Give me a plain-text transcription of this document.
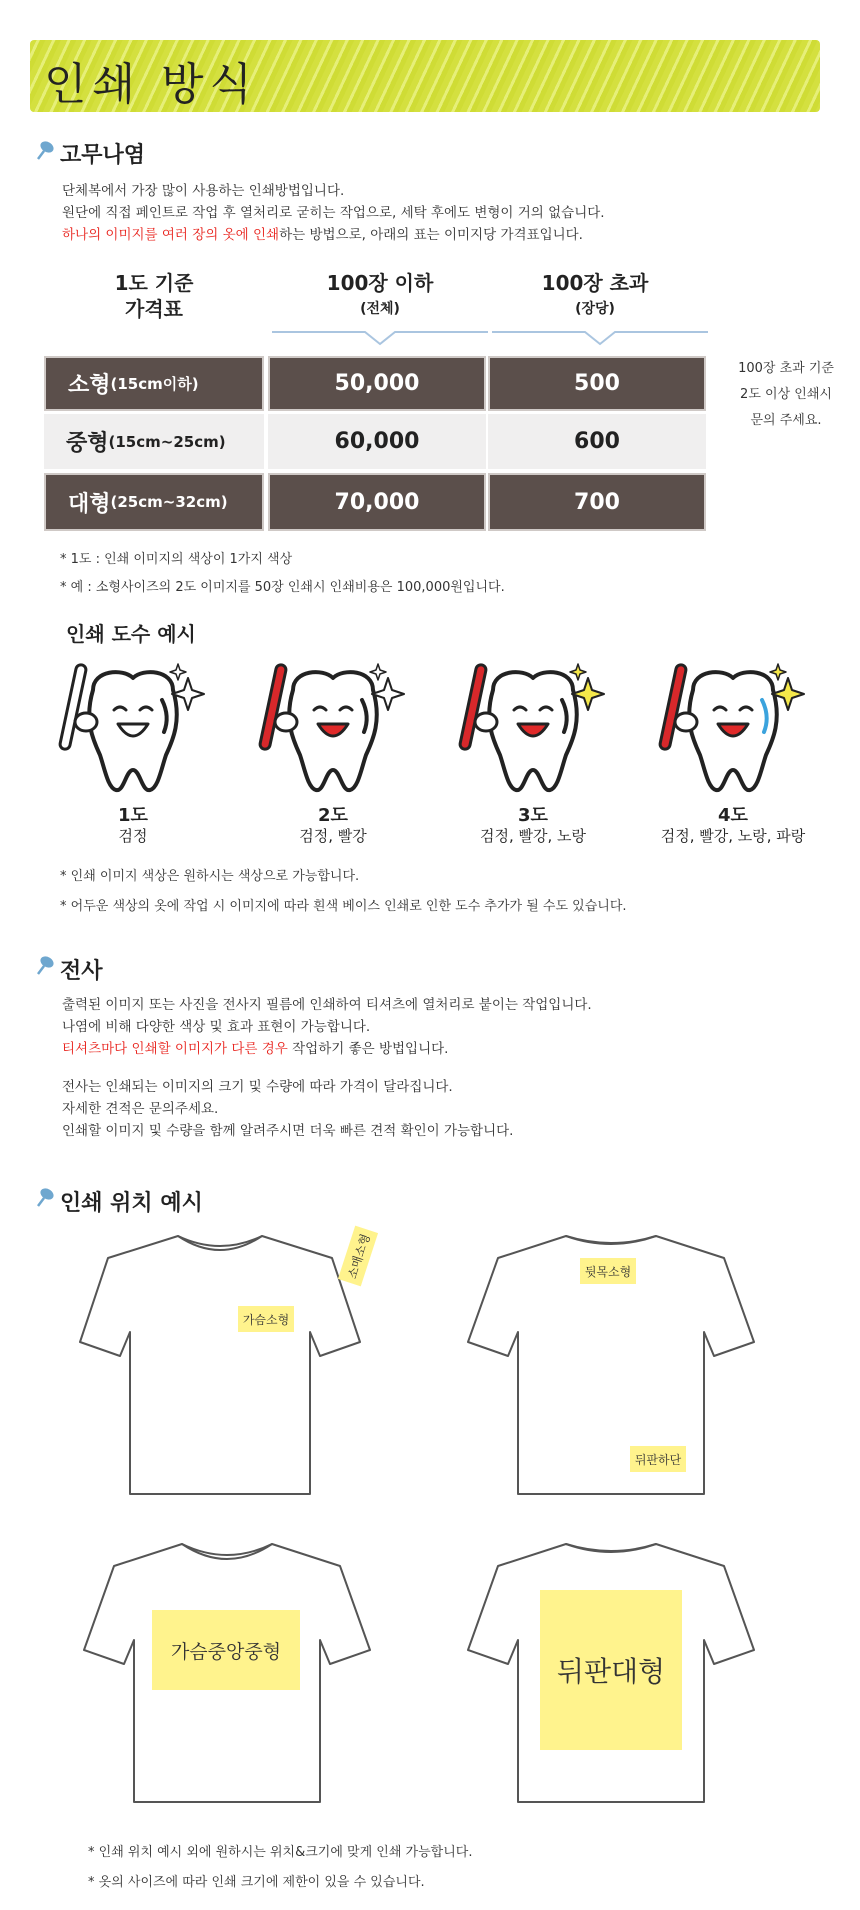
인쇄 방식
고무나염
단체복에서 가장 많이 사용하는 인쇄방법입니다.
원단에 직접 페인트로 작업 후 열처리로 굳히는 작업으로, 세탁 후에도 변형이 거의 없습니다.
하나의 이미지를 여러 장의 옷에 인쇄하는 방법으로, 아래의 표는 이미지당 가격표입니다.
1도 기준
가격표
100장 이하
(전체)
100장 초과
(장당)
소형 (15cm이하)	50,000	500
중형 (15cm~25cm)	60,000	600
대형 (25cm~32cm)	70,000	700
100장 초과 기준
2도 이상 인쇄시
문의 주세요.
* 1도 : 인쇄 이미지의 색상이 1가지 색상
* 예 : 소형사이즈의 2도 이미지를 50장 인쇄시 인쇄비용은 100,000원입니다.
인쇄 도수 예시
1도
검정
2도
검정, 빨강
3도
검정, 빨강, 노랑
4도
검정, 빨강, 노랑, 파랑
* 인쇄 이미지 색상은 원하시는 색상으로 가능합니다.
* 어두운 색상의 옷에 작업 시 이미지에 따라 흰색 베이스 인쇄로 인한 도수 추가가 될 수도 있습니다.
전사
출력된 이미지 또는 사진을 전사지 필름에 인쇄하여 티셔츠에 열처리로 붙이는 작업입니다.
나염에 비해 다양한 색상 및 효과 표현이 가능합니다.
티셔츠마다 인쇄할 이미지가 다른 경우 작업하기 좋은 방법입니다.
전사는 인쇄되는 이미지의 크기 및 수량에 따라 가격이 달라집니다.
자세한 견적은 문의주세요.
인쇄할 이미지 및 수량을 함께 알려주시면 더욱 빠른 견적 확인이 가능합니다.
인쇄 위치 예시
가슴소형
소매소형	뒷목소형
뒤판하단
가슴중앙중형
뒤판대형
* 인쇄 위치 예시 외에 원하시는 위치&크기에 맞게 인쇄 가능합니다.
* 옷의 사이즈에 따라 인쇄 크기에 제한이 있을 수 있습니다.
